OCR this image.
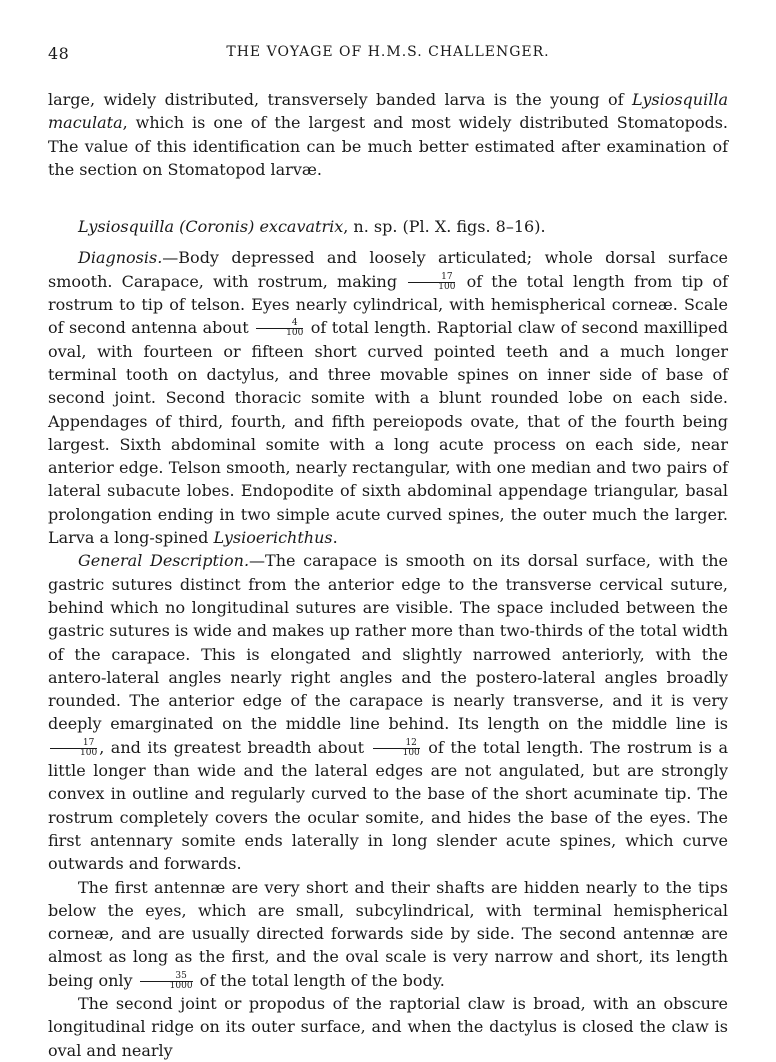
48	THE VOYAGE OF H.M.S. CHALLENGER.

large, widely distributed, transversely banded larva is the young of Lysiosquilla maculata, which is one of the largest and most widely distributed Stomatopods. The value of this identification can be much better estimated after examination of the section on Stomatopod larvæ.

Lysiosquilla (Coronis) excavatrix, n. sp. (Pl. X. figs. 8–16).

Diagnosis.—Body depressed and loosely articulated; whole dorsal surface smooth. Carapace, with rostrum, making $\frac{17}{100}$ of the total length from tip of rostrum to tip of telson. Eyes nearly cylindrical, with hemispherical corneæ. Scale of second antenna about $\frac{4}{100}$ of total length. Raptorial claw of second maxilliped oval, with fourteen or fifteen short curved pointed teeth and a much longer terminal tooth on dactylus, and three movable spines on inner side of base of second joint. Second thoracic somite with a blunt rounded lobe on each side. Appendages of third, fourth, and fifth pereiopods ovate, that of the fourth being largest. Sixth abdominal somite with a long acute process on each side, near anterior edge. Telson smooth, nearly rectangular, with one median and two pairs of lateral subacute lobes. Endopodite of sixth abdominal appendage triangular, basal prolongation ending in two simple acute curved spines, the outer much the larger. Larva a long-spined Lysioerichthus.

General Description.—The carapace is smooth on its dorsal surface, with the gastric sutures distinct from the anterior edge to the transverse cervical suture, behind which no longitudinal sutures are visible. The space included between the gastric sutures is wide and makes up rather more than two-thirds of the total width of the carapace. This is elongated and slightly narrowed anteriorly, with the antero-lateral angles nearly right angles and the postero-lateral angles broadly rounded. The anterior edge of the carapace is nearly transverse, and it is very deeply emarginated on the middle line behind. Its length on the middle line is
$\frac{17}{100}$ , and its greatest breadth about $\frac{12}{100}$ of the total length. The rostrum is a little longer than wide and the lateral edges are not angulated, but are strongly convex in outline and regularly curved to the base of the short acuminate tip. The rostrum completely covers the ocular somite, and hides the base of the eyes. The first antennary somite ends laterally in long slender acute spines, which curve outwards and forwards.

The first antennæ are very short and their shafts are hidden nearly to the tips below the eyes, which are small, subcylindrical, with terminal hemispherical corneæ, and are usually directed forwards side by side. The second antennæ are almost as long as the first, and the oval scale is very narrow and short, its length being only $\frac{35}{1000}$ of the total length of the body.

The second joint or propodus of the raptorial claw is broad, with an obscure longitudinal ridge on its outer surface, and when the dactylus is closed the claw is oval and nearly
